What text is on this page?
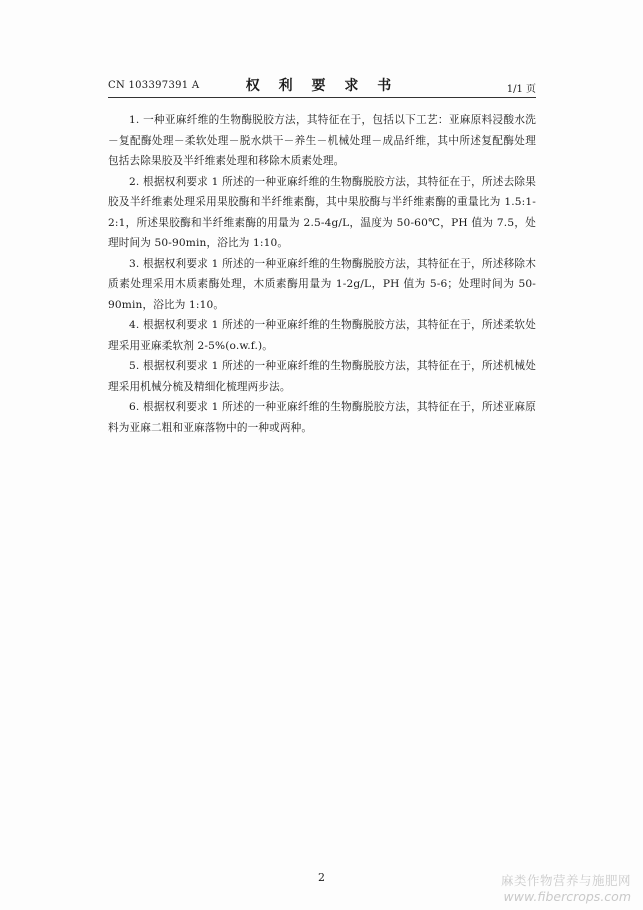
CN 103397391 A	权 利 要 求 书	1/1 页

1. 一种亚麻纤维的生物酶脱胶方法，其特征在于，包括以下工艺：亚麻原料浸酸水洗－复配酶处理－柔软处理－脱水烘干－养生－机械处理－成品纤维，其中所述复配酶处理包括去除果胶及半纤维素处理和移除木质素处理。

2. 根据权利要求 1 所述的一种亚麻纤维的生物酶脱胶方法，其特征在于，所述去除果胶及半纤维素处理采用果胶酶和半纤维素酶，其中果胶酶与半纤维素酶的重量比为 1.5:1-2:1，所述果胶酶和半纤维素酶的用量为 2.5-4g/L，温度为 50-60℃，PH 值为 7.5，处理时间为 50-90min，浴比为 1:10。

3. 根据权利要求 1 所述的一种亚麻纤维的生物酶脱胶方法，其特征在于，所述移除木质素处理采用木质素酶处理，木质素酶用量为 1-2g/L，PH 值为 5-6；处理时间为 50-90min，浴比为 1:10。

4. 根据权利要求 1 所述的一种亚麻纤维的生物酶脱胶方法，其特征在于，所述柔软处理采用亚麻柔软剂 2-5%(o.w.f.)。

5. 根据权利要求 1 所述的一种亚麻纤维的生物酶脱胶方法，其特征在于，所述机械处理采用机械分梳及精细化梳理两步法。

6. 根据权利要求 1 所述的一种亚麻纤维的生物酶脱胶方法，其特征在于，所述亚麻原料为亚麻二粗和亚麻落物中的一种或两种。

2	麻类作物营养与施肥网
www.fibercrops.com
